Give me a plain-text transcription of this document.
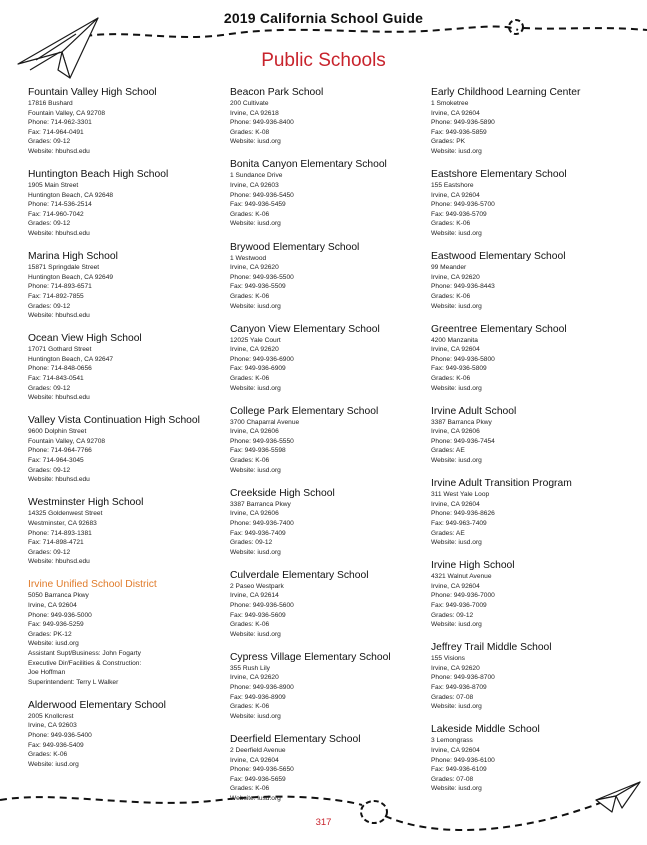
2019 California School Guide
Public Schools
Fountain Valley High School
17816 Bushard
Fountain Valley, CA 92708
Phone: 714-962-3301
Fax: 714-964-0491
Grades: 09-12
Website: hbuhsd.edu
Huntington Beach High School
1905 Main Street
Huntington Beach, CA 92648
Phone: 714-536-2514
Fax: 714-960-7042
Grades: 09-12
Website: hbuhsd.edu
Marina High School
15871 Springdale Street
Huntington Beach, CA 92649
Phone: 714-893-6571
Fax: 714-892-7855
Grades: 09-12
Website: hbuhsd.edu
Ocean View High School
17071 Gothard Street
Huntington Beach, CA 92647
Phone: 714-848-0656
Fax: 714-843-0541
Grades: 09-12
Website: hbuhsd.edu
Valley Vista Continuation High School
9600 Dolphin Street
Fountain Valley, CA 92708
Phone: 714-964-7766
Fax: 714-964-3045
Grades: 09-12
Website: hbuhsd.edu
Westminster High School
14325 Goldenwest Street
Westminster, CA 92683
Phone: 714-893-1381
Fax: 714-898-4721
Grades: 09-12
Website: hbuhsd.edu
Irvine Unified School District
5050 Barranca Pkwy
Irvine, CA 92604
Phone: 949-936-5000
Fax: 949-936-5259
Grades: PK-12
Website: iusd.org
Assistant Supt/Business: John Fogarty
Executive Dir/Facilities & Construction:
Joe Hoffman
Superintendent: Terry L Walker
Alderwood Elementary School
2005 Knollcrest
Irvine, CA 92603
Phone: 949-936-5400
Fax: 949-936-5409
Grades: K-06
Website: iusd.org
Beacon Park School
200 Cultivate
Irvine, CA 92618
Phone: 949-936-8400
Grades: K-08
Website: iusd.org
Bonita Canyon Elementary School
1 Sundance Drive
Irvine, CA 92603
Phone: 949-936-5450
Fax: 949-936-5459
Grades: K-06
Website: iusd.org
Brywood Elementary School
1 Westwood
Irvine, CA 92620
Phone: 949-936-5500
Fax: 949-936-5509
Grades: K-06
Website: iusd.org
Canyon View Elementary School
12025 Yale Court
Irvine, CA 92620
Phone: 949-936-6900
Fax: 949-936-6909
Grades: K-06
Website: iusd.org
College Park Elementary School
3700 Chaparral Avenue
Irvine, CA 92606
Phone: 949-936-5550
Fax: 949-936-5598
Grades: K-06
Website: iusd.org
Creekside High School
3387 Barranca Pkwy
Irvine, CA 92606
Phone: 949-936-7400
Fax: 949-936-7409
Grades: 09-12
Website: iusd.org
Culverdale Elementary School
2 Paseo Westpark
Irvine, CA 92614
Phone: 949-936-5600
Fax: 949-936-5609
Grades: K-06
Website: iusd.org
Cypress Village Elementary School
355 Rush Lily
Irvine, CA 92620
Phone: 949-936-8900
Fax: 949-936-8909
Grades: K-06
Website: iusd.org
Deerfield Elementary School
2 Deerfield Avenue
Irvine, CA 92604
Phone: 949-936-5650
Fax: 949-936-5659
Grades: K-06
Website: iusd.org
Early Childhood Learning Center
1 Smoketree
Irvine, CA 92604
Phone: 949-936-5890
Fax: 949-936-5859
Grades: PK
Website: iusd.org
Eastshore Elementary School
155 Eastshore
Irvine, CA 92604
Phone: 949-936-5700
Fax: 949-936-5709
Grades: K-06
Website: iusd.org
Eastwood Elementary School
99 Meander
Irvine, CA 92620
Phone: 949-936-8443
Grades: K-06
Website: iusd.org
Greentree Elementary School
4200 Manzanita
Irvine, CA 92604
Phone: 949-936-5800
Fax: 949-936-5809
Grades: K-06
Website: iusd.org
Irvine Adult School
3387 Barranca Pkwy
Irvine, CA 92606
Phone: 949-936-7454
Grades: AE
Website: iusd.org
Irvine Adult Transition Program
311 West Yale Loop
Irvine, CA 92604
Phone: 949-936-8626
Fax: 949-963-7409
Grades: AE
Website: iusd.org
Irvine High School
4321 Walnut Avenue
Irvine, CA 92604
Phone: 949-936-7000
Fax: 949-936-7009
Grades: 09-12
Website: iusd.org
Jeffrey Trail Middle School
155 Visions
Irvine, CA 92620
Phone: 949-936-8700
Fax: 949-936-8709
Grades: 07-08
Website: iusd.org
Lakeside Middle School
3 Lemongrass
Irvine, CA 92604
Phone: 949-936-6100
Fax: 949-936-6109
Grades: 07-08
Website: iusd.org
317
